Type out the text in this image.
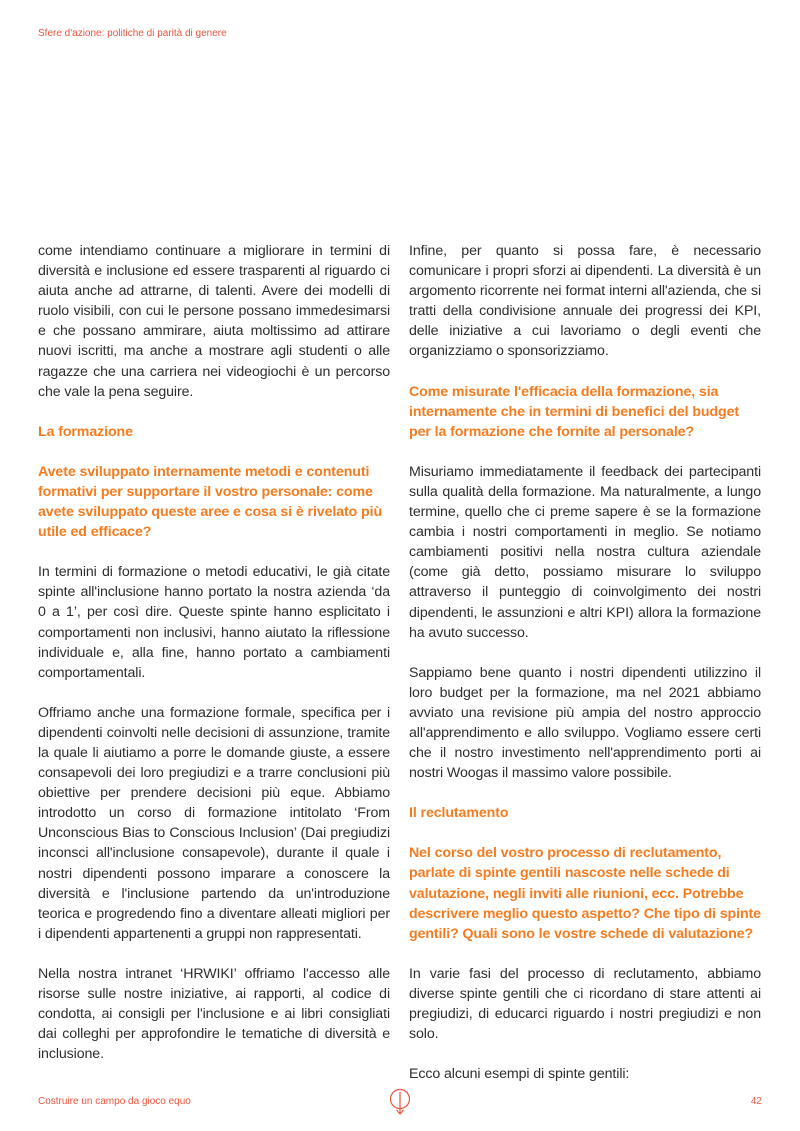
Sfere d'azione: politiche di parità di genere

come intendiamo continuare a migliorare in termini di diversità e inclusione ed essere trasparenti al riguardo ci aiuta anche ad attrarne, di talenti. Avere dei modelli di ruolo visibili, con cui le persone possano immedesimarsi e che possano ammirare, aiuta moltissimo ad attirare nuovi iscritti, ma anche a mostrare agli studenti o alle ragazze che una carriera nei videogiochi è un percorso che vale la pena seguire.

La formazione
Avete sviluppato internamente metodi e contenuti formativi per supportare il vostro personale: come avete sviluppato queste aree e cosa si è rivelato più utile ed efficace?

In termini di formazione o metodi educativi, le già citate spinte all'inclusione hanno portato la nostra azienda ‘da 0 a 1’, per così dire. Queste spinte hanno esplicitato i comportamenti non inclusivi, hanno aiutato la riflessione individuale e, alla fine, hanno portato a cambiamenti comportamentali.

Offriamo anche una formazione formale, specifica per i dipendenti coinvolti nelle decisioni di assunzione, tramite la quale li aiutiamo a porre le domande giuste, a essere consapevoli dei loro pregiudizi e a trarre conclusioni più obiettive per prendere decisioni più eque. Abbiamo introdotto un corso di formazione intitolato ‘From Unconscious Bias to Conscious Inclusion’ (Dai pregiudizi inconsci all'inclusione consapevole), durante il quale i nostri dipendenti possono imparare a conoscere la diversità e l'inclusione partendo da un'introduzione teorica e progredendo fino a diventare alleati migliori per i dipendenti appartenenti a gruppi non rappresentati.

Nella nostra intranet ‘HRWIKI’ offriamo l'accesso alle risorse sulle nostre iniziative, ai rapporti, al codice di condotta, ai consigli per l'inclusione e ai libri consigliati dai colleghi per approfondire le tematiche di diversità e inclusione.

Infine, per quanto si possa fare, è necessario comunicare i propri sforzi ai dipendenti. La diversità è un argomento ricorrente nei format interni all'azienda, che si tratti della condivisione annuale dei progressi dei KPI, delle iniziative a cui lavoriamo o degli eventi che organizziamo o sponsorizziamo.

Come misurate l'efficacia della formazione, sia internamente che in termini di benefici del budget per la formazione che fornite al personale?

Misuriamo immediatamente il feedback dei partecipanti sulla qualità della formazione. Ma naturalmente, a lungo termine, quello che ci preme sapere è se la formazione cambia i nostri comportamenti in meglio. Se notiamo cambiamenti positivi nella nostra cultura aziendale (come già detto, possiamo misurare lo sviluppo attraverso il punteggio di coinvolgimento dei nostri dipendenti, le assunzioni e altri KPI) allora la formazione ha avuto successo.

Sappiamo bene quanto i nostri dipendenti utilizzino il loro budget per la formazione, ma nel 2021 abbiamo avviato una revisione più ampia del nostro approccio all'apprendimento e allo sviluppo. Vogliamo essere certi che il nostro investimento nell'apprendimento porti ai nostri Woogas il massimo valore possibile.

Il reclutamento
Nel corso del vostro processo di reclutamento, parlate di spinte gentili nascoste nelle schede di valutazione, negli inviti alle riunioni, ecc. Potrebbe descrivere meglio questo aspetto? Che tipo di spinte gentili? Quali sono le vostre schede di valutazione?

In varie fasi del processo di reclutamento, abbiamo diverse spinte gentili che ci ricordano di stare attenti ai pregiudizi, di educarci riguardo i nostri pregiudizi e non solo.

Ecco alcuni esempi di spinte gentili:

Costruire un campo da gioco equo	42
